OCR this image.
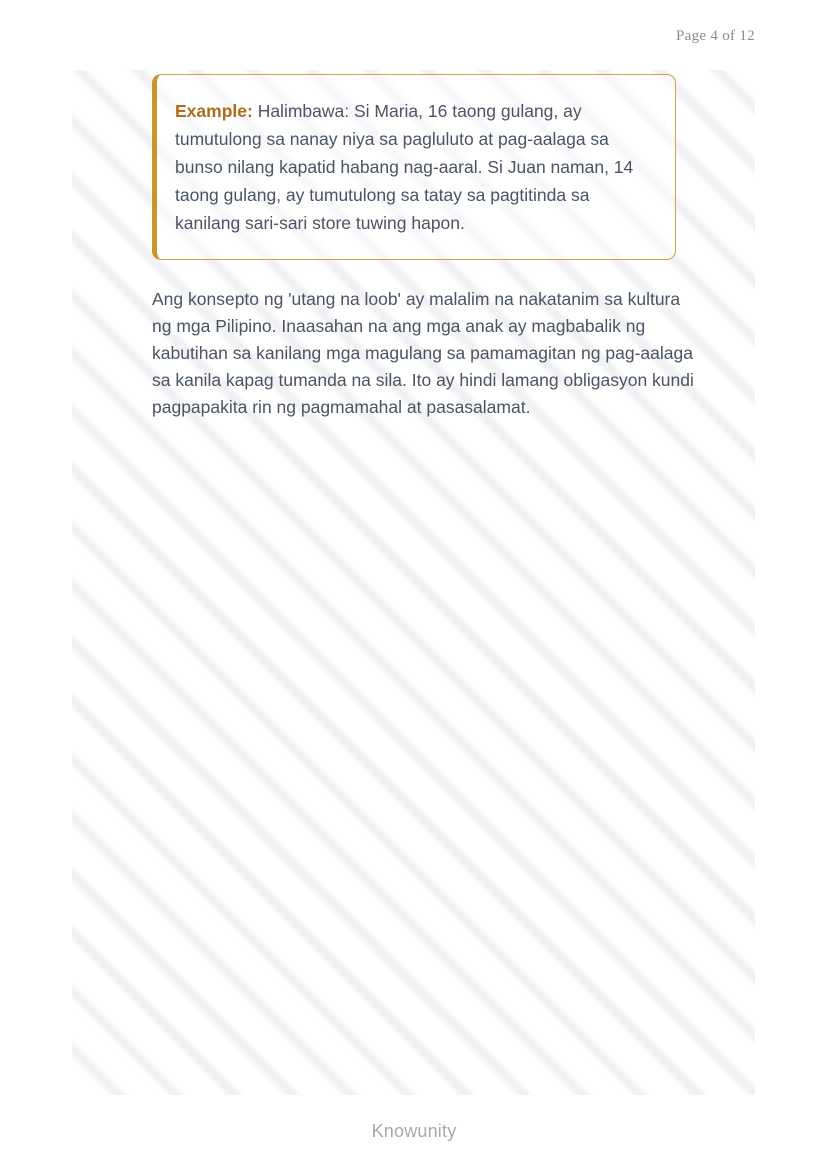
Page 4 of 12
Example: Halimbawa: Si Maria, 16 taong gulang, ay tumutulong sa nanay niya sa pagluluto at pag-aalaga sa bunso nilang kapatid habang nag-aaral. Si Juan naman, 14 taong gulang, ay tumutulong sa tatay sa pagtitinda sa kanilang sari-sari store tuwing hapon.

Ang konsepto ng 'utang na loob' ay malalim na nakatanim sa kultura ng mga Pilipino. Inaasahan na ang mga anak ay magbabalik ng kabutihan sa kanilang mga magulang sa pamamagitan ng pag-aalaga sa kanila kapag tumanda na sila. Ito ay hindi lamang obligasyon kundi pagpapakita rin ng pagmamahal at pasasalamat.

Knowunity
